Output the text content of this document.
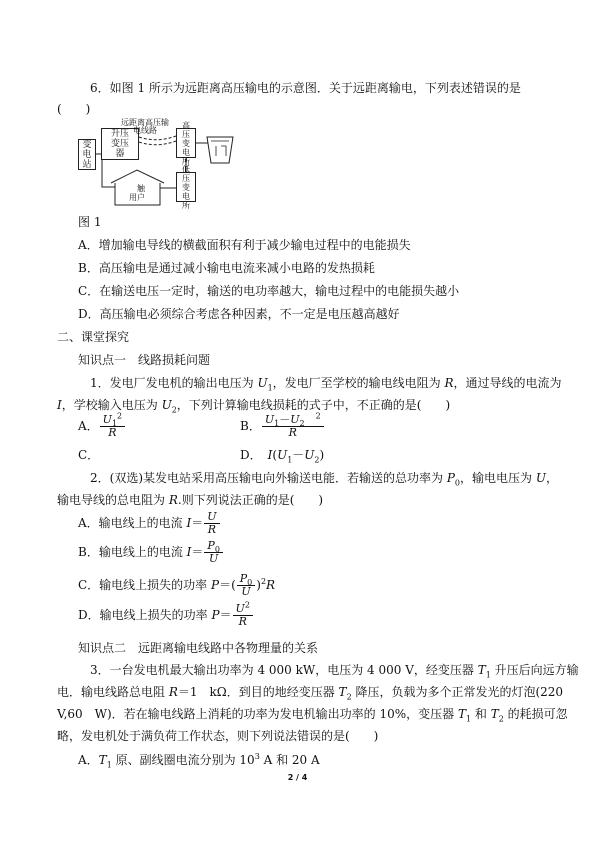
6．如图 1 所示为远距离高压输电的示意图．关于远距离输电，下列表述错误的是
(　　)
变电站
升压变压器
远距离高压输电线路
高压变电所
低压变电所
触用户
图 1
A．增加输电导线的横截面积有利于减少输电过程中的电能损失
B．高压输电是通过减小输电电流来减小电路的发热损耗
C．在输送电压一定时，输送的电功率越大，输电过程中的电能损失越小
D．高压输电必须综合考虑各种因素，不一定是电压越高越好
二、课堂探究
知识点一　线路损耗问题
1．发电厂发电机的输出电压为 $U_1$，发电厂至学校的输电线电阻为 R，通过导线的电流为
I，学校输入电压为 $U_2$，下列计算输电线损耗的式子中，不正确的是(　　)
A． $\frac{U_1^2}{R}$	B． $\frac{U_1-U_2 ^2}{R}$
C．	D．　$I(U_1-U_2)$
2．(双选)某发电站采用高压输电向外输送电能．若输送的总功率为 $P_0$，输电电压为 U，
输电导线的总电阻为 R.则下列说法正确的是(　　)
A．输电线上的电流 $I= \frac{U}{R}$
B．输电线上的电流 $I= \frac{P_0}{U}$
C．输电线上损失的功率 $P=( \frac{P_0}{U} )^2R$
D．输电线上损失的功率 $P= \frac{U^2}{R}$
知识点二　远距离输电线路中各物理量的关系
3．一台发电机最大输出功率为 4 000 kW，电压为 4 000 V，经变压器 $T_1$ 升压后向远方输
电．输电线路总电阻 R＝1　kΩ．到目的地经变压器 $T_2$ 降压，负载为多个正常发光的灯泡(220
V,60　W)．若在输电线路上消耗的功率为发电机输出功率的 10%，变压器 $T_1$ 和 $T_2$ 的耗损可忽
略，发电机处于满负荷工作状态，则下列说法错误的是(　　)
A．$T_1$ 原、副线圈电流分别为 $10^3$ A 和 20 A
2 / 4
